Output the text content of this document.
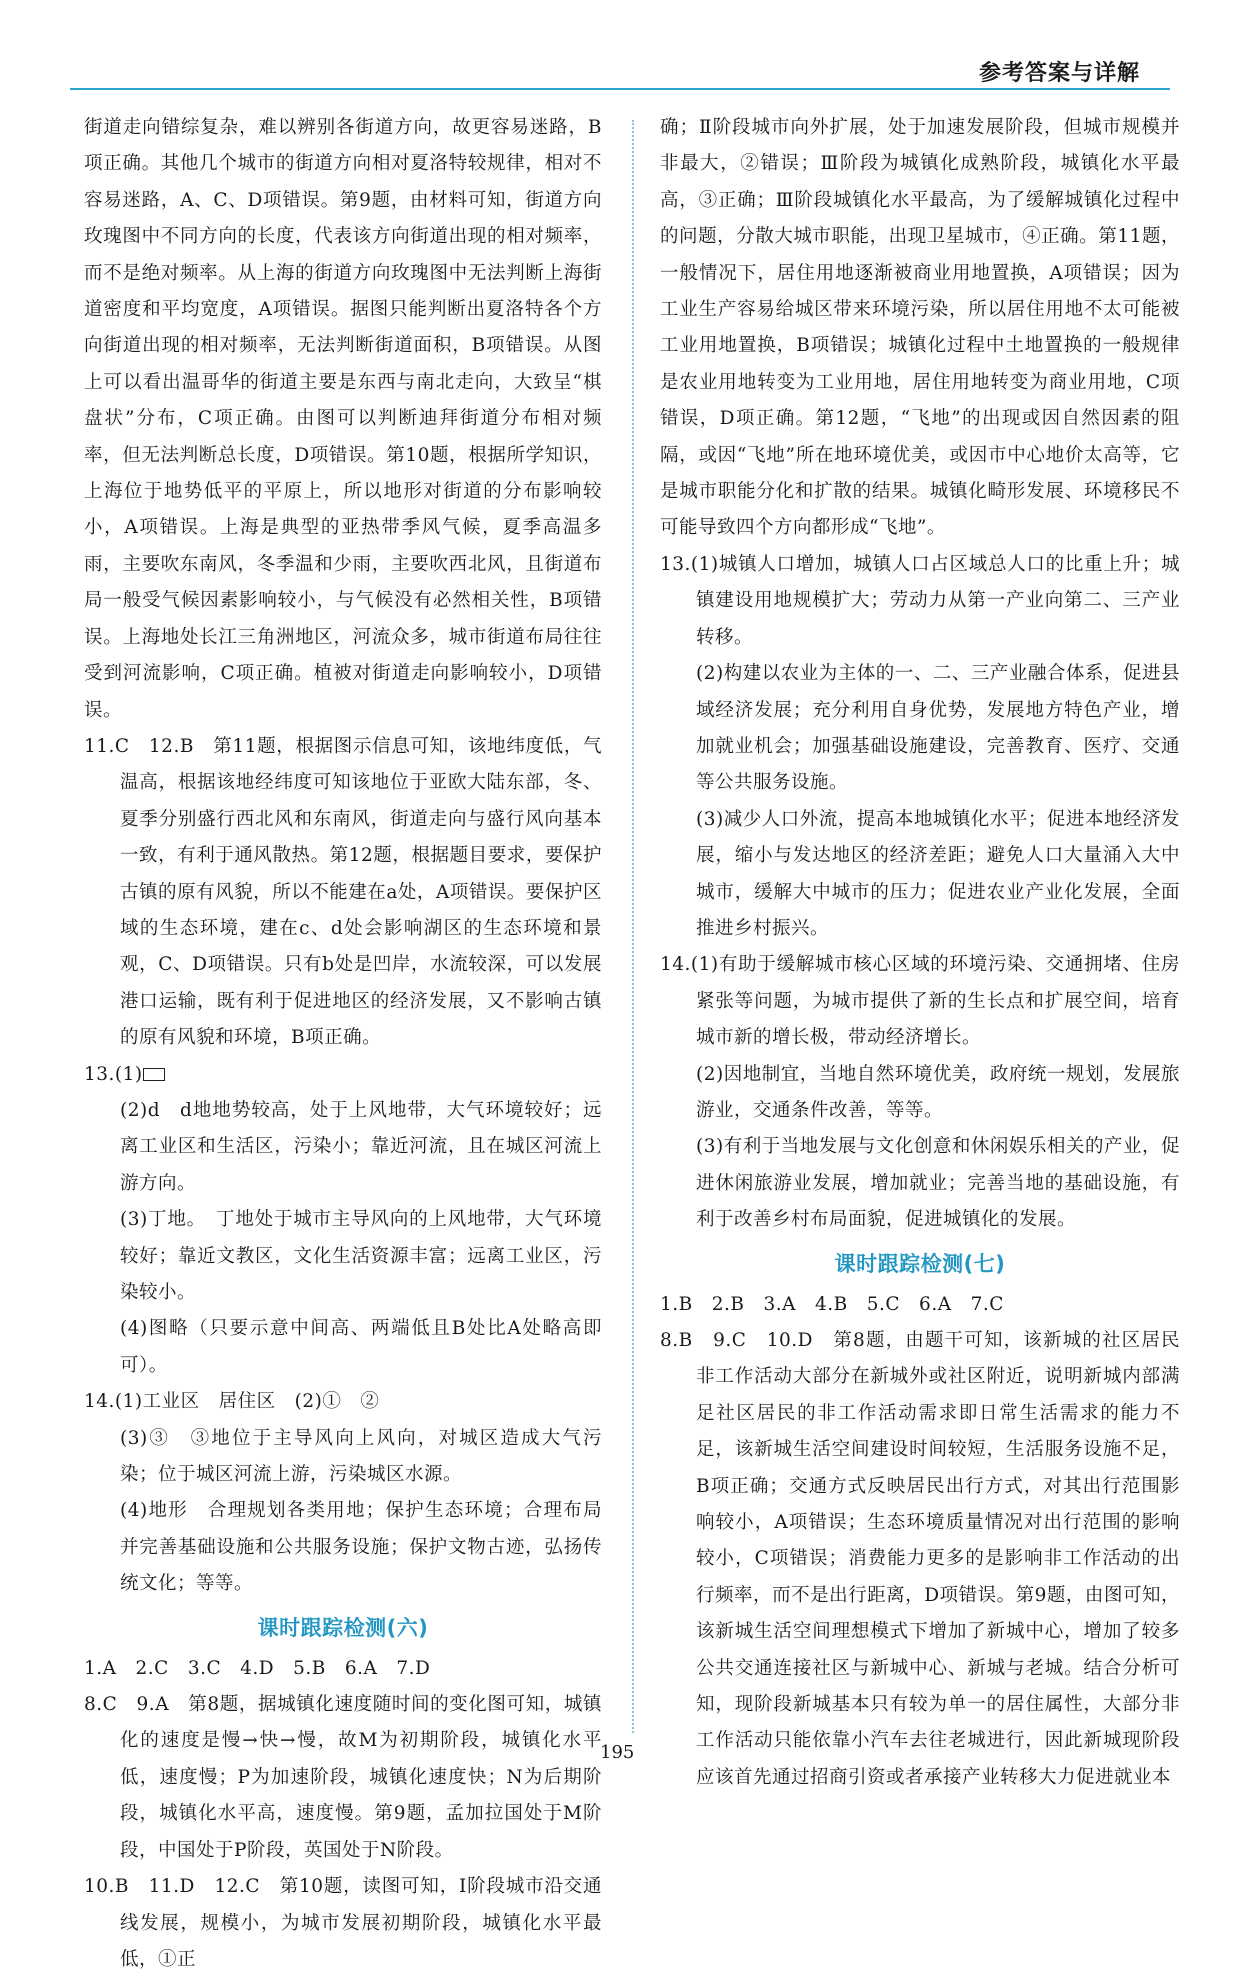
参考答案与详解

街道走向错综复杂，难以辨别各街道方向，故更容易迷路，B项正确。其他几个城市的街道方向相对夏洛特较规律，相对不容易迷路，A、C、D项错误。第9题，由材料可知，街道方向玫瑰图中不同方向的长度，代表该方向街道出现的相对频率，而不是绝对频率。从上海的街道方向玫瑰图中无法判断上海街道密度和平均宽度，A项错误。据图只能判断出夏洛特各个方向街道出现的相对频率，无法判断街道面积，B项错误。从图上可以看出温哥华的街道主要是东西与南北走向，大致呈“棋盘状”分布，C项正确。由图可以判断迪拜街道分布相对频率，但无法判断总长度，D项错误。第10题，根据所学知识，上海位于地势低平的平原上，所以地形对街道的分布影响较小，A项错误。上海是典型的亚热带季风气候，夏季高温多雨，主要吹东南风，冬季温和少雨，主要吹西北风，且街道布局一般受气候因素影响较小，与气候没有必然相关性，B项错误。上海地处长江三角洲地区，河流众多，城市街道布局往往受到河流影响，C项正确。植被对街道走向影响较小，D项错误。

11.C　12.B　第11题，根据图示信息可知，该地纬度低，气温高，根据该地经纬度可知该地位于亚欧大陆东部，冬、夏季分别盛行西北风和东南风，街道走向与盛行风向基本一致，有利于通风散热。第12题，根据题目要求，要保护古镇的原有风貌，所以不能建在a处，A项错误。要保护区域的生态环境，建在c、d处会影响湖区的生态环境和景观，C、D项错误。只有b处是凹岸，水流较深，可以发展港口运输，既有利于促进地区的经济发展，又不影响古镇的原有风貌和环境，B项正确。

13.(1)

(2)d　d地地势较高，处于上风地带，大气环境较好；远离工业区和生活区，污染小；靠近河流，且在城区河流上游方向。

(3)丁地。　丁地处于城市主导风向的上风地带，大气环境较好；靠近文教区，文化生活资源丰富；远离工业区，污染较小。

(4)图略（只要示意中间高、两端低且B处比A处略高即可）。

14.(1)工业区　居住区　(2)①　②

(3)③　③地位于主导风向上风向，对城区造成大气污染；位于城区河流上游，污染城区水源。

(4)地形　合理规划各类用地；保护生态环境；合理布局并完善基础设施和公共服务设施；保护文物古迹，弘扬传统文化；等等。

课时跟踪检测(六)

1.A　2.C　3.C　4.D　5.B　6.A　7.D

8.C　9.A　第8题，据城镇化速度随时间的变化图可知，城镇化的速度是慢→快→慢，故M为初期阶段，城镇化水平低，速度慢；P为加速阶段，城镇化速度快；N为后期阶段，城镇化水平高，速度慢。第9题，孟加拉国处于M阶段，中国处于P阶段，英国处于N阶段。

10.B　11.D　12.C　第10题，读图可知，Ⅰ阶段城市沿交通线发展，规模小，为城市发展初期阶段，城镇化水平最低，①正

确；Ⅱ阶段城市向外扩展，处于加速发展阶段，但城市规模并非最大，②错误；Ⅲ阶段为城镇化成熟阶段，城镇化水平最高，③正确；Ⅲ阶段城镇化水平最高，为了缓解城镇化过程中的问题，分散大城市职能，出现卫星城市，④正确。第11题，一般情况下，居住用地逐渐被商业用地置换，A项错误；因为工业生产容易给城区带来环境污染，所以居住用地不太可能被工业用地置换，B项错误；城镇化过程中土地置换的一般规律是农业用地转变为工业用地，居住用地转变为商业用地，C项错误，D项正确。第12题，“飞地”的出现或因自然因素的阻隔，或因“飞地”所在地环境优美，或因市中心地价太高等，它是城市职能分化和扩散的结果。城镇化畸形发展、环境移民不可能导致四个方向都形成“飞地”。

13.(1)城镇人口增加，城镇人口占区域总人口的比重上升；城镇建设用地规模扩大；劳动力从第一产业向第二、三产业转移。

(2)构建以农业为主体的一、二、三产业融合体系，促进县域经济发展；充分利用自身优势，发展地方特色产业，增加就业机会；加强基础设施建设，完善教育、医疗、交通等公共服务设施。

(3)减少人口外流，提高本地城镇化水平；促进本地经济发展，缩小与发达地区的经济差距；避免人口大量涌入大中城市，缓解大中城市的压力；促进农业产业化发展，全面推进乡村振兴。

14.(1)有助于缓解城市核心区域的环境污染、交通拥堵、住房紧张等问题，为城市提供了新的生长点和扩展空间，培育城市新的增长极，带动经济增长。

(2)因地制宜，当地自然环境优美，政府统一规划，发展旅游业，交通条件改善，等等。

(3)有利于当地发展与文化创意和休闲娱乐相关的产业，促进休闲旅游业发展，增加就业；完善当地的基础设施，有利于改善乡村布局面貌，促进城镇化的发展。

课时跟踪检测(七)

1.B　2.B　3.A　4.B　5.C　6.A　7.C

8.B　9.C　10.D　第8题，由题干可知，该新城的社区居民非工作活动大部分在新城外或社区附近，说明新城内部满足社区居民的非工作活动需求即日常生活需求的能力不足，该新城生活空间建设时间较短，生活服务设施不足，B项正确；交通方式反映居民出行方式，对其出行范围影响较小，A项错误；生态环境质量情况对出行范围的影响较小，C项错误；消费能力更多的是影响非工作活动的出行频率，而不是出行距离，D项错误。第9题，由图可知，该新城生活空间理想模式下增加了新城中心，增加了较多公共交通连接社区与新城中心、新城与老城。结合分析可知，现阶段新城基本只有较为单一的居住属性，大部分非工作活动只能依靠小汽车去往老城进行，因此新城现阶段应该首先通过招商引资或者承接产业转移大力促进就业本

195
